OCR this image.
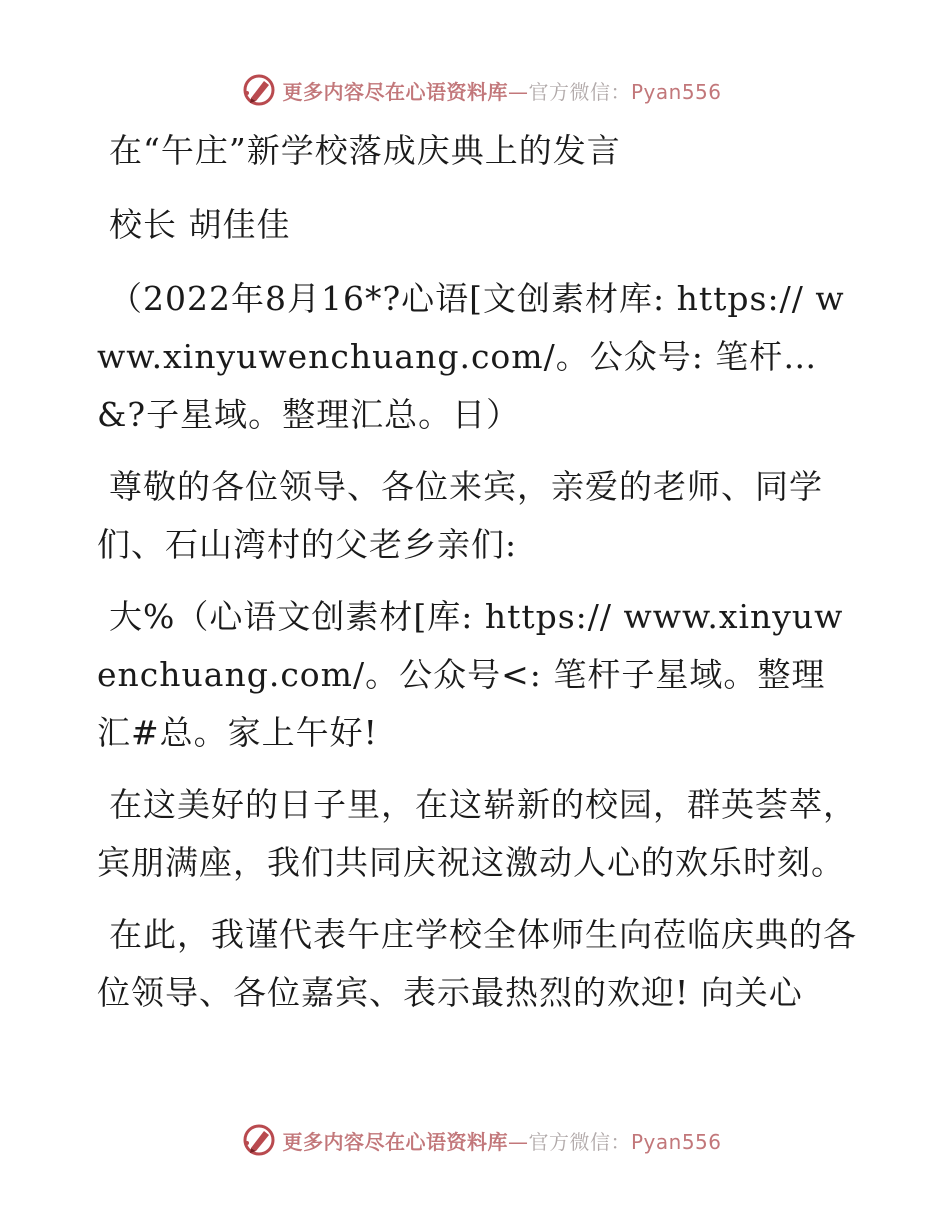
更多内容尽在心语资料库—官方微信：Pyan556

在“午庄”新学校落成庆典上的发言

校长 胡佳佳

（2022年8月16*?心语[文创素材库: https:// www.xinyuwenchuang.com/。公众号: 笔杆…&?子星域。整理汇总。日）

尊敬的各位领导、各位来宾，亲爱的老师、同学们、石山湾村的父老乡亲们:

大%（心语文创素材[库: https:// www.xinyuwenchuang.com/。公众号<: 笔杆子星域。整理汇#总。家上午好!

在这美好的日子里，在这崭新的校园，群英荟萃，宾朋满座，我们共同庆祝这激动人心的欢乐时刻。

在此，我谨代表午庄学校全体师生向莅临庆典的各位领导、各位嘉宾、表示最热烈的欢迎! 向关心

更多内容尽在心语资料库—官方微信：Pyan556
